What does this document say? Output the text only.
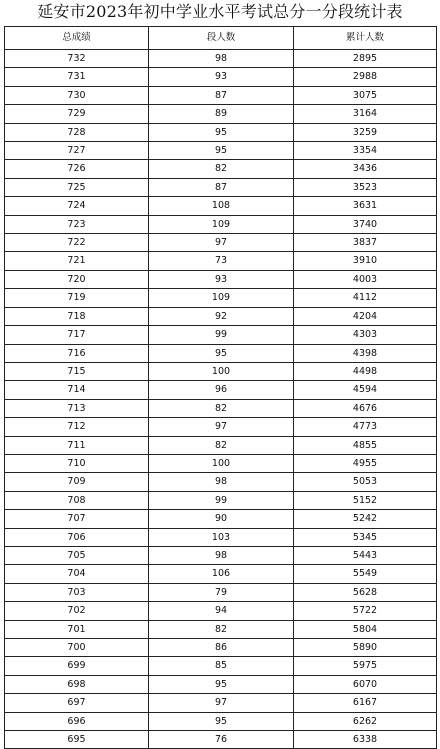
延安市2023年初中学业水平考试总分一分段统计表
总成绩	段人数	累计人数
732	98	2895
731	93	2988
730	87	3075
729	89	3164
728	95	3259
727	95	3354
726	82	3436
725	87	3523
724	108	3631
723	109	3740
722	97	3837
721	73	3910
720	93	4003
719	109	4112
718	92	4204
717	99	4303
716	95	4398
715	100	4498
714	96	4594
713	82	4676
712	97	4773
711	82	4855
710	100	4955
709	98	5053
708	99	5152
707	90	5242
706	103	5345
705	98	5443
704	106	5549
703	79	5628
702	94	5722
701	82	5804
700	86	5890
699	85	5975
698	95	6070
697	97	6167
696	95	6262
695	76	6338
